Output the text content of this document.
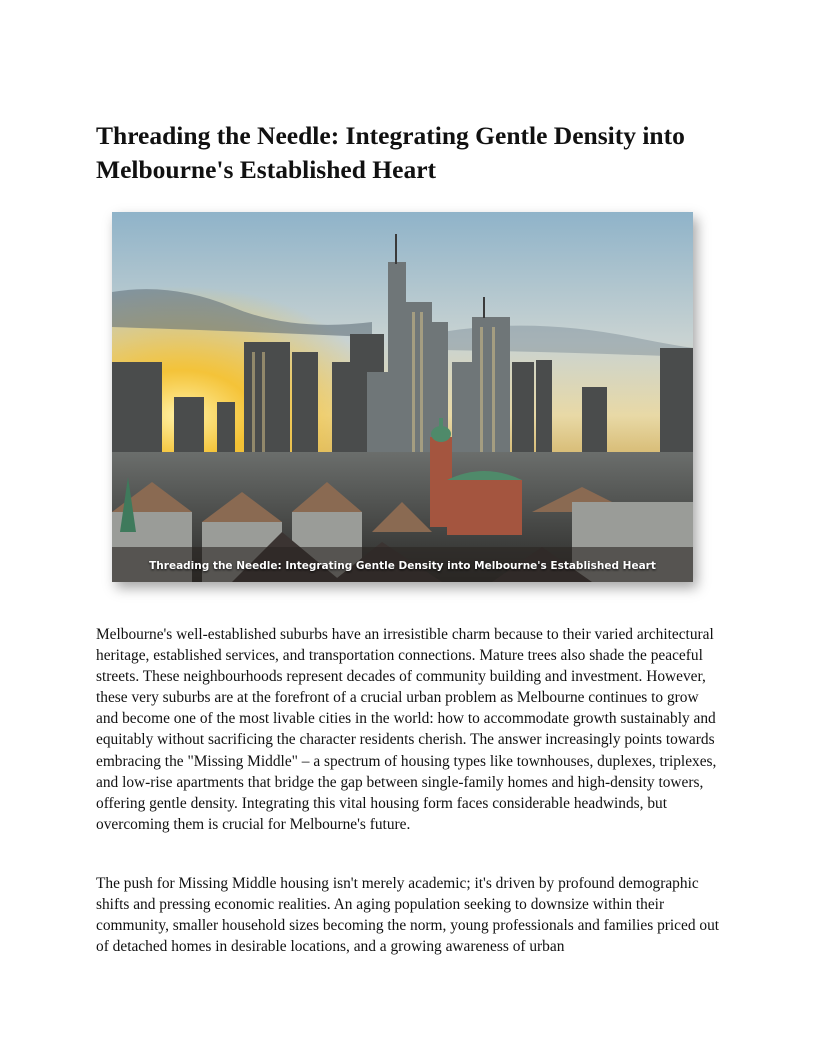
Threading the Needle: Integrating Gentle Density into Melbourne's Established Heart
Threading the Needle: Integrating Gentle Density into Melbourne's Established Heart

Melbourne's well-established suburbs have an irresistible charm because to their varied architectural heritage, established services, and transportation connections. Mature trees also shade the peaceful streets. These neighbourhoods represent decades of community building and investment. However, these very suburbs are at the forefront of a crucial urban problem as Melbourne continues to grow and become one of the most livable cities in the world: how to accommodate growth sustainably and equitably without sacrificing the character residents cherish. The answer increasingly points towards embracing the "Missing Middle" – a spectrum of housing types like townhouses, duplexes, triplexes, and low-rise apartments that bridge the gap between single-family homes and high-density towers, offering gentle density. Integrating this vital housing form faces considerable headwinds, but overcoming them is crucial for Melbourne's future.

The push for Missing Middle housing isn't merely academic; it's driven by profound demographic shifts and pressing economic realities. An aging population seeking to downsize within their community, smaller household sizes becoming the norm, young professionals and families priced out of detached homes in desirable locations, and a growing awareness of urban
